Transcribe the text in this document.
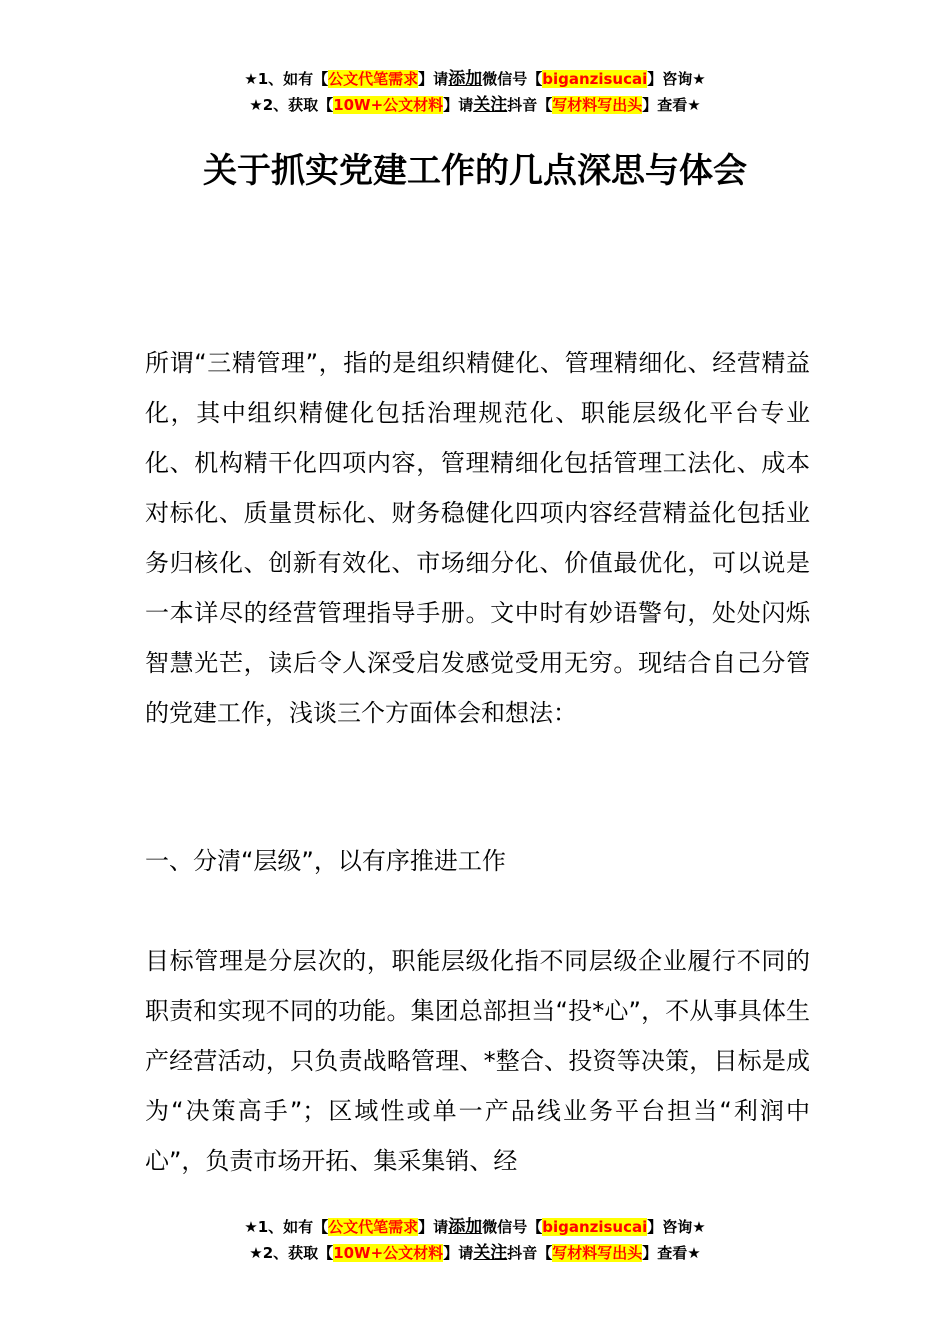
★1、如有【公文代笔需求】请添加微信号【biganzisucai】咨询★
★2、获取【10W+公文材料】请关注抖音【写材料写出头】查看★
关于抓实党建工作的几点深思与体会
所谓“三精管理”，指的是组织精健化、管理精细化、经营精益化，其中组织精健化包括治理规范化、职能层级化平台专业化、机构精干化四项内容，管理精细化包括管理工法化、成本对标化、质量贯标化、财务稳健化四项内容经营精益化包括业务归核化、创新有效化、市场细分化、价值最优化，可以说是一本详尽的经营管理指导手册。文中时有妙语警句，处处闪烁智慧光芒，读后令人深受启发感觉受用无穷。现结合自己分管的党建工作，浅谈三个方面体会和想法：
一、分清“层级”，以有序推进工作
目标管理是分层次的，职能层级化指不同层级企业履行不同的职责和实现不同的功能。集团总部担当“投*心”，不从事具体生产经营活动，只负责战略管理、*整合、投资等决策，目标是成为“决策高手”；区域性或单一产品线业务平台担当“利润中心”，负责市场开拓、集采集销、经
★1、如有【公文代笔需求】请添加微信号【biganzisucai】咨询★
★2、获取【10W+公文材料】请关注抖音【写材料写出头】查看★
